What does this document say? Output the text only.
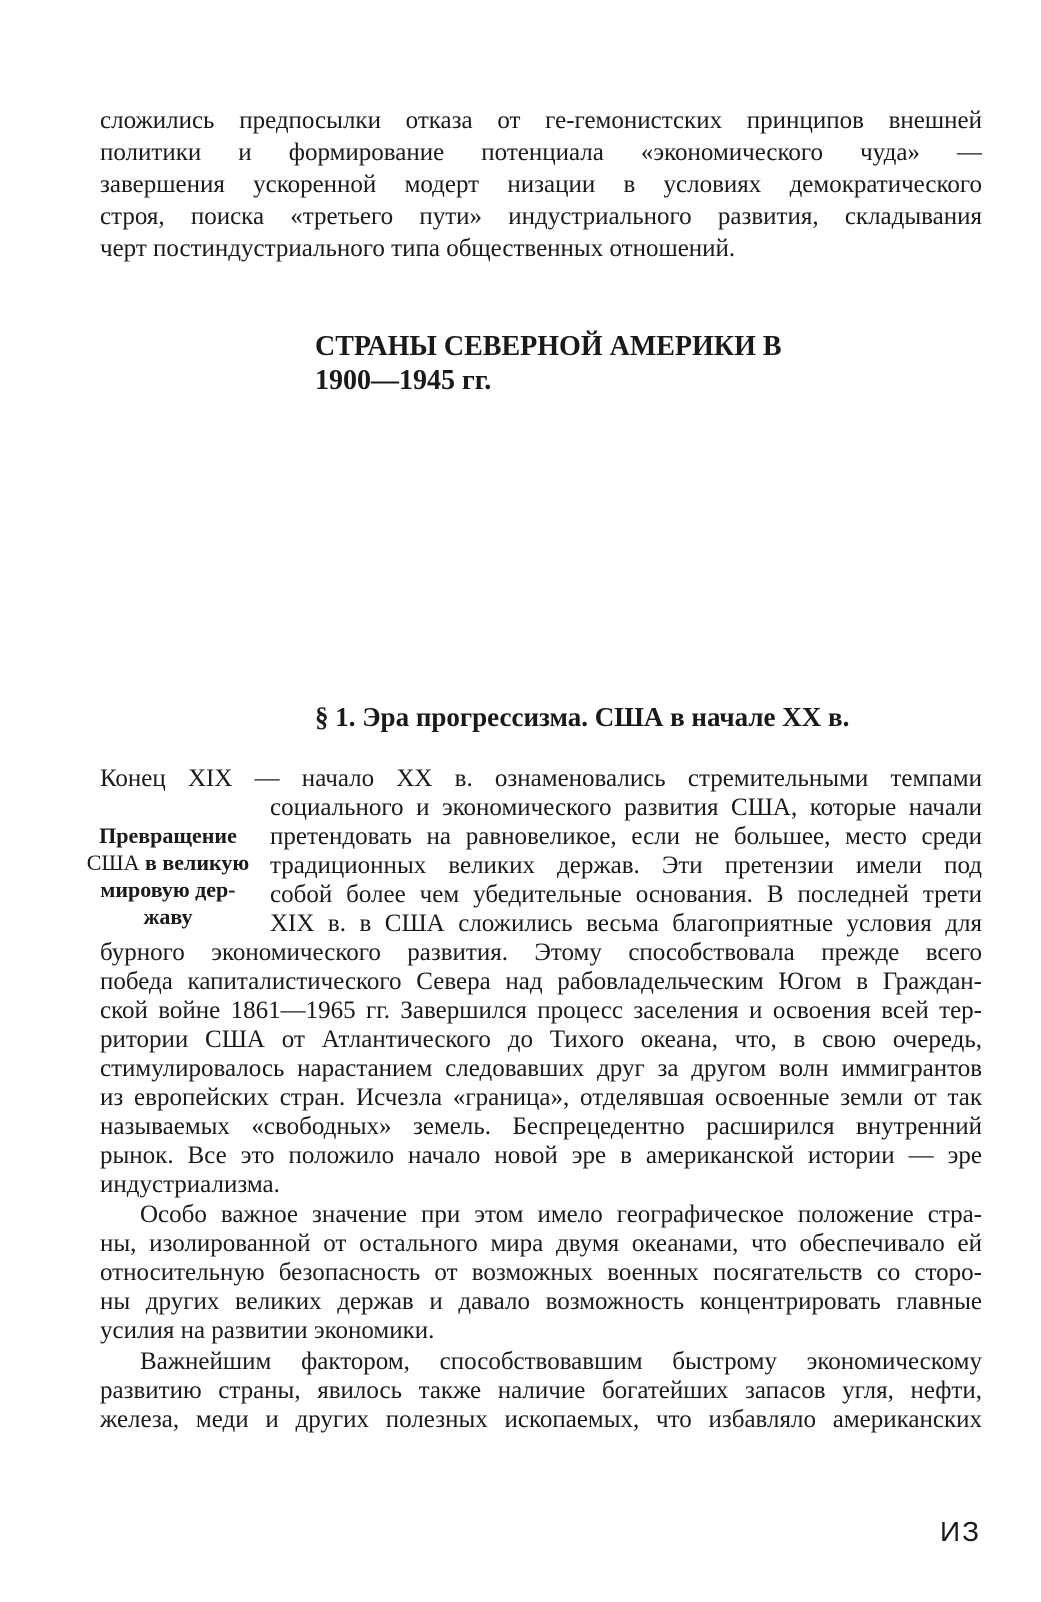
сложились предпосылки отказа от ге-гемонистских принципов внешней
политики и формирование потенциала «экономического чуда» —
завершения ускоренной модерт низации в условиях демократического
строя, поиска «третьего пути» индустриального развития, складывания
черт постиндустриального типа общественных отношений.
СТРАНЫ СЕВЕРНОЙ АМЕРИКИ В
1900—1945 гг.
§ 1. Эра прогрессизма. США в начале XX в.
Превращение
США в великую
мировую дер-
жаву
Конец XIX — начало XX в. ознаменовались стремительными темпами
социального и экономического развития США, которые начали
претендовать на равновеликое, если не большее, место среди
традиционных великих держав. Эти претензии имели под
собой более чем убедительные основания. В последней трети
XIX в. в США сложились весьма благоприятные условия для
бурного экономического развития. Этому способствовала прежде всего
победа капиталистического Севера над рабовладельческим Югом в Граждан-
ской войне 1861—1965 гг. Завершился процесс заселения и освоения всей тер-
ритории США от Атлантического до Тихого океана, что, в свою очередь,
стимулировалось нарастанием следовавших друг за другом волн иммигрантов
из европейских стран. Исчезла «граница», отделявшая освоенные земли от так
называемых «свободных» земель. Беспрецедентно расширился внутренний
рынок. Все это положило начало новой эре в американской истории — эре
индустриализма.
Особо важное значение при этом имело географическое положение стра-
ны, изолированной от остального мира двумя океанами, что обеспечивало ей
относительную безопасность от возможных военных посягательств со сторо-
ны других великих держав и давало возможность концентрировать главные
усилия на развитии экономики.
Важнейшим фактором, способствовавшим быстрому экономическому
развитию страны, явилось также наличие богатейших запасов угля, нефти,
железа, меди и других полезных ископаемых, что избавляло американских
ИЗ
